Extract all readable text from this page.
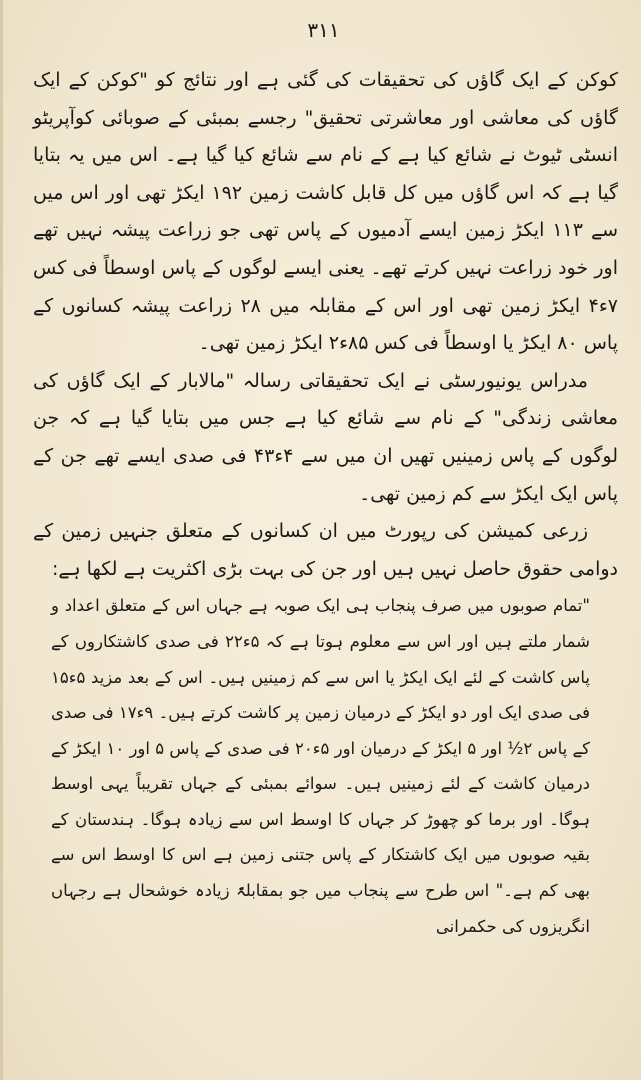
۳۱۱

کوکن کے ایک گاؤں کی تحقیقات کی گئی ہے اور نتائج کو "کوکن کے ایک گاؤں کی معاشی اور معاشرتی تحقیق" رجسے بمبئی کے صوبائی کوآپریٹو انسٹی ٹیوٹ نے شائع کیا ہے کے نام سے شائع کیا گیا ہے۔ اس میں یہ بتایا گیا ہے کہ اس گاؤں میں کل قابل کاشت زمین ۱۹۲ ایکڑ تھی اور اس میں سے ۱۱۳ ایکڑ زمین ایسے آدمیوں کے پاس تھی جو زراعت پیشہ نہیں تھے اور خود زراعت نہیں کرتے تھے۔ یعنی ایسے لوگوں کے پاس اوسطاً فی کس ۷ء۴ ایکڑ زمین تھی اور اس کے مقابلہ میں ۲۸ زراعت پیشہ کسانوں کے پاس ۸۰ ایکڑ یا اوسطاً فی کس ۸۵ء۲ ایکڑ زمین تھی۔

مدراس یونیورسٹی نے ایک تحقیقاتی رسالہ "مالابار کے ایک گاؤں کی معاشی زندگی" کے نام سے شائع کیا ہے جس میں بتایا گیا ہے کہ جن لوگوں کے پاس زمینیں تھیں ان میں سے ۴ء۴۳ فی صدی ایسے تھے جن کے پاس ایک ایکڑ سے کم زمین تھی۔

زرعی کمیشن کی رپورٹ میں ان کسانوں کے متعلق جنہیں زمین کے دوامی حقوق حاصل نہیں ہیں اور جن کی بہت بڑی اکثریت ہے لکھا ہے:

"تمام صوبوں میں صرف پنجاب ہی ایک صوبہ ہے جہاں اس کے متعلق اعداد و شمار ملتے ہیں اور اس سے معلوم ہوتا ہے کہ ۵ء۲۲ فی صدی کاشتکاروں کے پاس کاشت کے لئے ایک ایکڑ یا اس سے کم زمینیں ہیں۔ اس کے بعد مزید ۵ء۱۵ فی صدی ایک اور دو ایکڑ کے درمیان زمین پر کاشت کرتے ہیں۔ ۹ء۱۷ فی صدی کے پاس ۲½ اور ۵ ایکڑ کے درمیان اور ۵ء۲۰ فی صدی کے پاس ۵ اور ۱۰ ایکڑ کے درمیان کاشت کے لئے زمینیں ہیں۔ سوائے بمبئی کے جہاں تقریباً یہی اوسط ہوگا۔ اور برما کو چھوڑ کر جہاں کا اوسط اس سے زیادہ ہوگا۔ ہندستان کے بقیہ صوبوں میں ایک کاشتکار کے پاس جتنی زمین ہے اس کا اوسط اس سے بھی کم ہے۔" اس طرح سے پنجاب میں جو بمقابلۃً زیادہ خوشحال ہے رجہاں انگریزوں کی حکمرانی
